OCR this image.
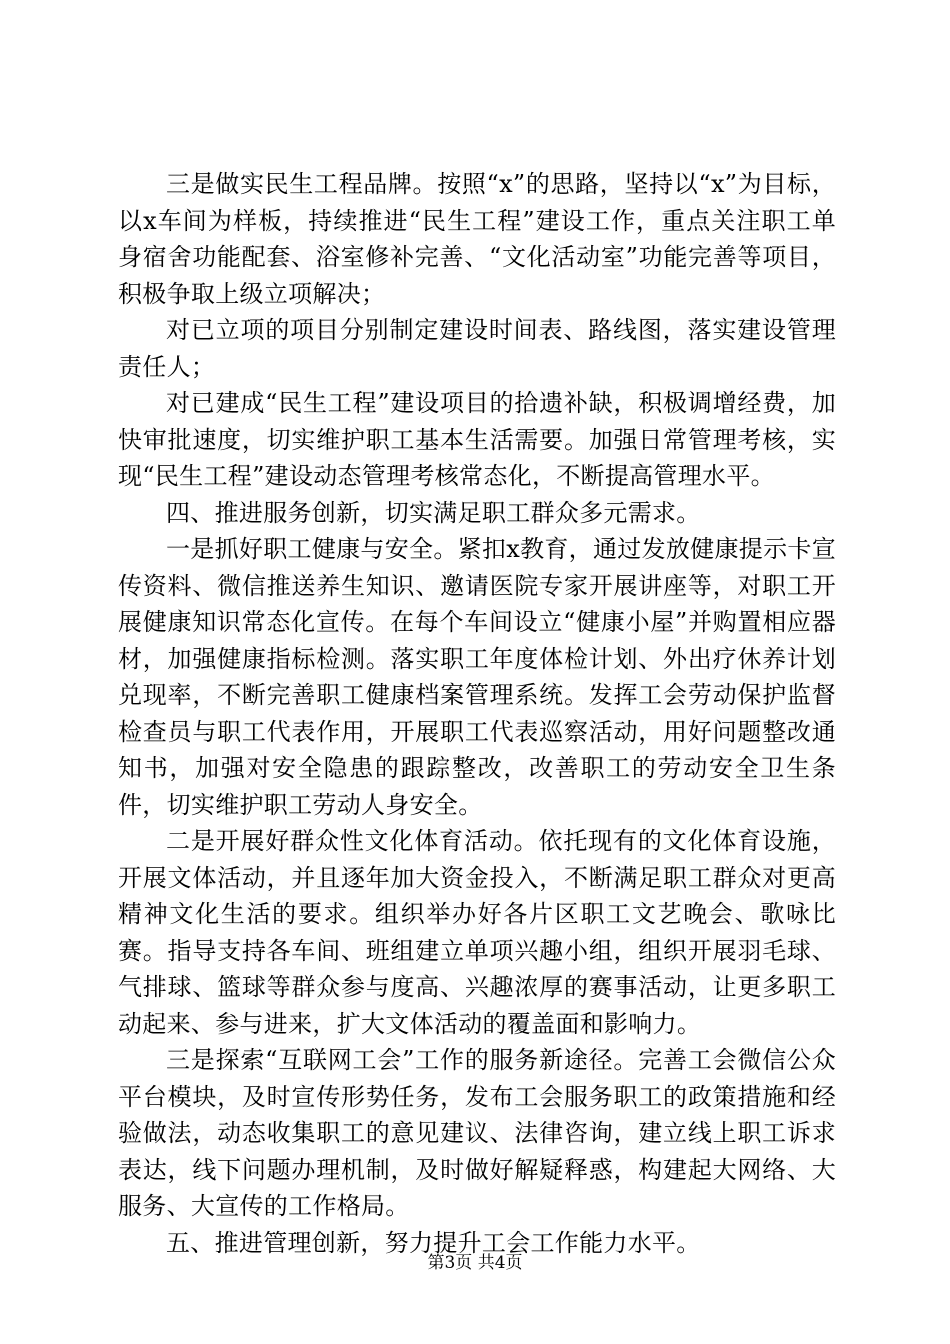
三是做实民生工程品牌。按照“x”的思路，坚持以“x”为目标，以x车间为样板，持续推进“民生工程”建设工作，重点关注职工单身宿舍功能配套、浴室修补完善、“文化活动室”功能完善等项目，积极争取上级立项解决；

对已立项的项目分别制定建设时间表、路线图，落实建设管理责任人；

对已建成“民生工程”建设项目的拾遗补缺，积极调增经费，加快审批速度，切实维护职工基本生活需要。加强日常管理考核，实现“民生工程”建设动态管理考核常态化，不断提高管理水平。

四、推进服务创新，切实满足职工群众多元需求。

一是抓好职工健康与安全。紧扣x教育，通过发放健康提示卡宣传资料、微信推送养生知识、邀请医院专家开展讲座等，对职工开展健康知识常态化宣传。在每个车间设立“健康小屋”并购置相应器材，加强健康指标检测。落实职工年度体检计划、外出疗休养计划兑现率，不断完善职工健康档案管理系统。发挥工会劳动保护监督检查员与职工代表作用，开展职工代表巡察活动，用好问题整改通知书，加强对安全隐患的跟踪整改，改善职工的劳动安全卫生条件，切实维护职工劳动人身安全。

二是开展好群众性文化体育活动。依托现有的文化体育设施，开展文体活动，并且逐年加大资金投入，不断满足职工群众对更高精神文化生活的要求。组织举办好各片区职工文艺晚会、歌咏比赛。指导支持各车间、班组建立单项兴趣小组，组织开展羽毛球、气排球、篮球等群众参与度高、兴趣浓厚的赛事活动，让更多职工动起来、参与进来，扩大文体活动的覆盖面和影响力。

三是探索“互联网工会”工作的服务新途径。完善工会微信公众平台模块，及时宣传形势任务，发布工会服务职工的政策措施和经验做法，动态收集职工的意见建议、法律咨询，建立线上职工诉求表达，线下问题办理机制，及时做好解疑释惑，构建起大网络、大服务、大宣传的工作格局。

五、推进管理创新，努力提升工会工作能力水平。

第3页 共4页
